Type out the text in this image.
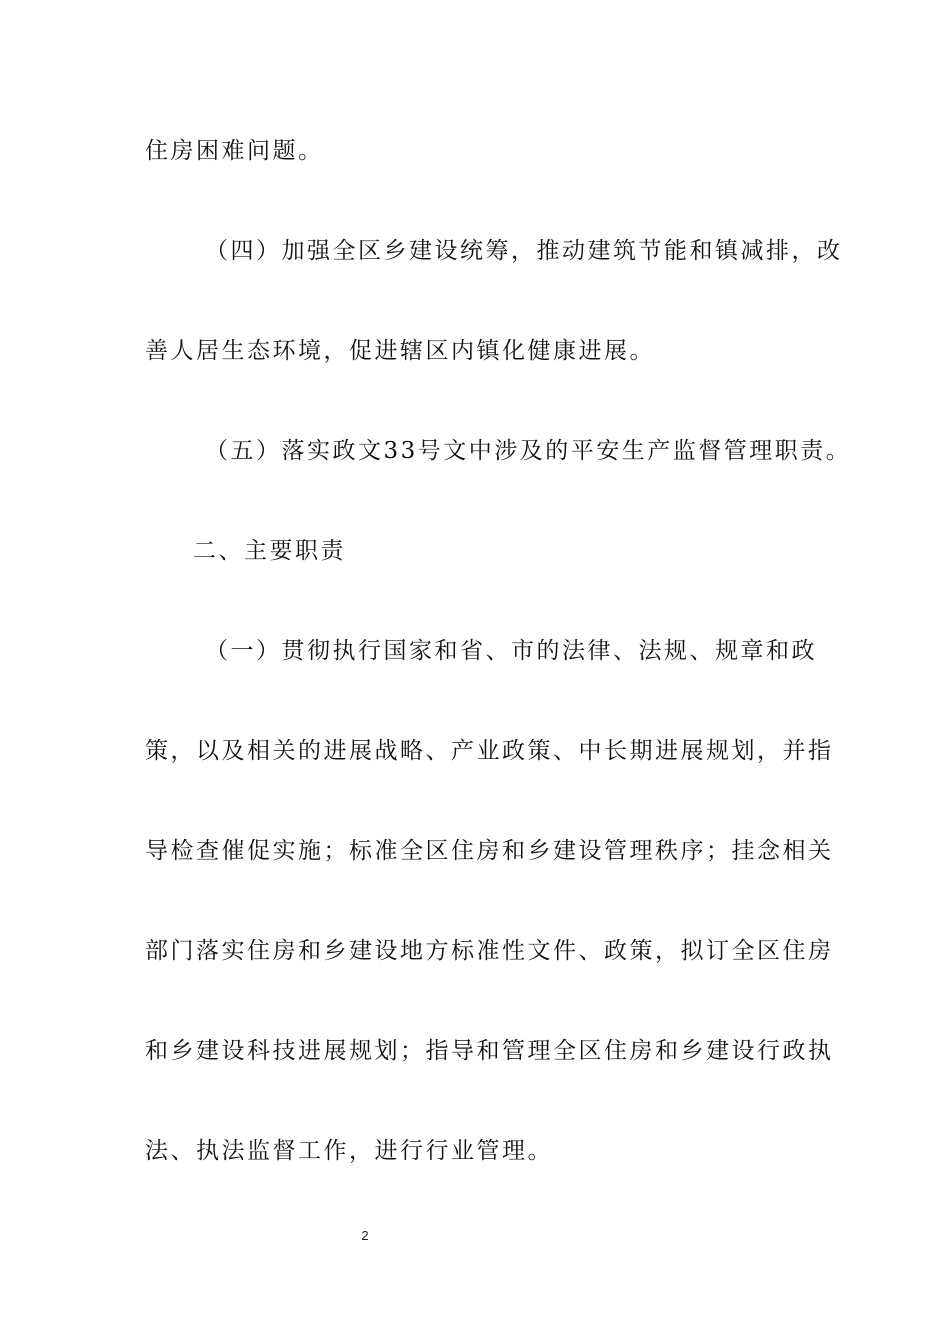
住房困难问题。
（四）加强全区乡建设统筹，推动建筑节能和镇减排，改
善人居生态环境，促进辖区内镇化健康进展。
（五）落实政文33号文中涉及的平安生产监督管理职责。
二、主要职责
（一）贯彻执行国家和省、市的法律、法规、规章和政
策，以及相关的进展战略、产业政策、中长期进展规划，并指
导检查催促实施；标准全区住房和乡建设管理秩序；挂念相关
部门落实住房和乡建设地方标准性文件、政策，拟订全区住房
和乡建设科技进展规划；指导和管理全区住房和乡建设行政执
法、执法监督工作，进行行业管理。
2
